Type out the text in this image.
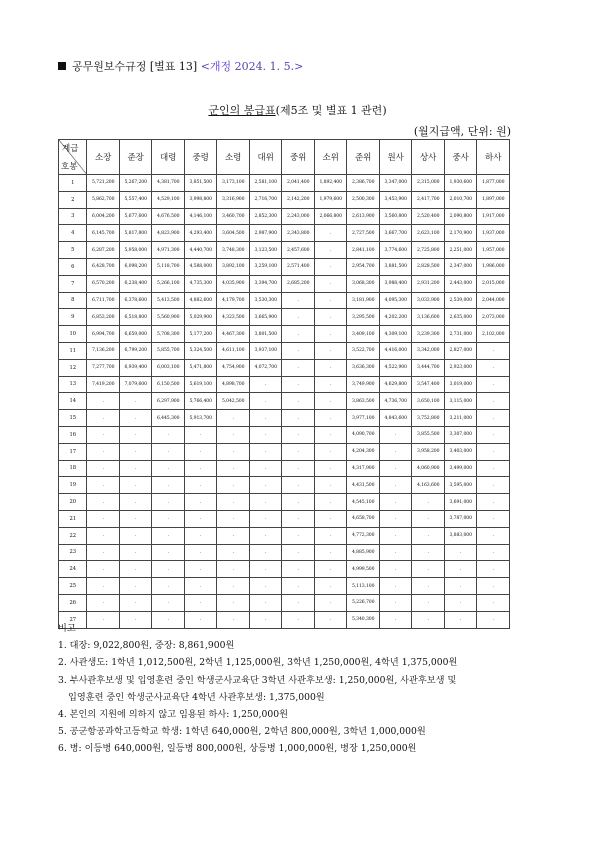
공무원보수규정 [별표 13] <개정 2024. 1. 5.>
군인의 봉급표(제5조 및 별표 1 관련)
(월지급액, 단위: 원)
계급
호봉	소장	준장	대령	중령	소령	대위	중위	소위	준위	원사	상사	중사	하사
1	5,721,200	5,267,200	4,381,700	3,851,500	3,173,100	2,581,100	2,041,400	1,892,400	2,386,700	3,347,000	2,315,000	1,930,600	1,877,000
2	5,862,700	5,557,400	4,529,100	3,998,800	3,316,900	2,716,700	2,142,200	1,979,600	2,500,300	3,453,900	2,417,700	2,010,700	1,897,000
3	6,004,200	5,677,600	4,676,500	4,146,100	3,460,700	2,852,300	2,243,000	2,066,800	2,613,900	3,560,800	2,520,400	2,090,800	1,917,000
4	6,145,700	5,817,800	4,823,900	4,293,400	3,604,500	2,987,900	2,343,800	.	2,727,500	3,667,700	2,623,100	2,170,900	1,937,000
5	6,287,200	5,958,000	4,971,300	4,440,700	3,748,300	3,123,500	2,457,600	.	2,841,100	3,774,600	2,725,800	2,251,000	1,957,000
6	6,428,700	6,098,200	5,118,700	4,588,000	3,892,100	3,259,100	2,571,400	.	2,954,700	3,881,500	2,828,500	2,347,000	1,986,000
7	6,570,200	6,238,400	5,266,100	4,735,300	4,035,900	3,394,700	2,685,200	.	3,068,300	3,988,400	2,931,200	2,443,000	2,015,000
8	6,711,700	6,378,600	5,413,500	4,882,600	4,179,700	3,530,300	.	.	3,181,900	4,095,300	3,033,900	2,539,000	2,044,000
9	6,853,200	6,518,800	5,560,900	5,029,900	4,323,500	3,665,900	.	.	3,295,500	4,202,200	3,136,600	2,635,000	2,073,000
10	6,994,700	6,659,000	5,708,300	5,177,200	4,467,300	3,801,500	.	.	3,409,100	4,309,100	3,239,300	2,731,000	2,102,000
11	7,136,200	6,799,200	5,855,700	5,324,500	4,611,100	3,937,100	.	.	3,522,700	4,416,000	3,342,000	2,827,000	.
12	7,277,700	6,939,400	6,003,100	5,471,800	4,754,900	4,072,700	.	.	3,636,300	4,522,900	3,444,700	2,923,000	.
13	7,419,200	7,079,600	6,150,500	5,619,100	4,898,700	.	.	.	3,749,900	4,629,800	3,547,400	3,019,000	.
14	.	.	6,297,900	5,766,400	5,042,500	.	.	.	3,863,500	4,736,700	3,650,100	3,115,000	.
15	.	.	6,445,300	5,913,700	.	.	.	.	3,977,100	4,843,600	3,752,800	3,211,000	.
16	.	.	.	.	.	.	.	.	4,090,700	.	3,855,500	3,307,000	.
17	.	.	.	.	.	.	.	.	4,204,300	.	3,958,200	3,403,000	.
18	.	.	.	.	.	.	.	.	4,317,900	.	4,060,900	3,499,000	.
19	.	.	.	.	.	.	.	.	4,431,500	.	4,163,600	3,595,000	.
20	.	.	.	.	.	.	.	.	4,545,100	.	.	3,691,000	.
21	.	.	.	.	.	.	.	.	4,658,700	.	.	3,787,000	.
22	.	.	.	.	.	.	.	.	4,772,300	.	.	3,883,000	.
23	.	.	.	.	.	.	.	.	4,885,900	.	.	.	.
24	.	.	.	.	.	.	.	.	4,999,500	.	.	.	.
25	.	.	.	.	.	.	.	.	5,113,100	.	.	.	.
26	.	.	.	.	.	.	.	.	5,226,700	.	.	.	.
27	.	.	.	.	.	.	.	.	5,340,300	.	.	.	.
비고
1. 대장: 9,022,800원, 중장: 8,861,900원
2. 사관생도: 1학년 1,012,500원, 2학년 1,125,000원, 3학년 1,250,000원, 4학년 1,375,000원
3. 부사관후보생 및 입영훈련 중인 학생군사교육단 3학년 사관후보생: 1,250,000원, 사관후보생 및
입영훈련 중인 학생군사교육단 4학년 사관후보생: 1,375,000원
4. 본인의 지원에 의하지 않고 임용된 하사: 1,250,000원
5. 공군항공과학고등학교 학생: 1학년 640,000원, 2학년 800,000원, 3학년 1,000,000원
6. 병: 이등병 640,000원, 일등병 800,000원, 상등병 1,000,000원, 병장 1,250,000원
